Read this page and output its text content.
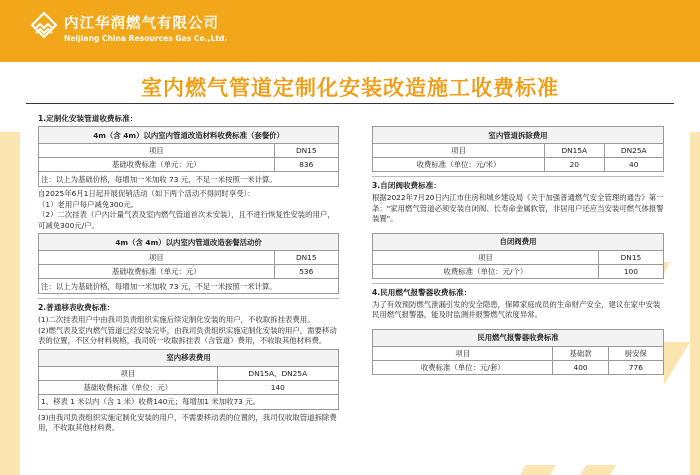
内江华润燃气有限公司
Neijiang China Resources Gas Co.,Ltd.
室内燃气管道定制化安装改造施工收费标准
1.定制化安装管道收费标准：
4m（含 4m）以内室内管道改造材料收费标准（套餐价）	
项目	DN15
基础收费标准（单元：元）	836
注：以上为基础价格，每增加一米加收 73 元，不足一米按照一米计算。	

自2025年6月1日起开展促销活动（如下两个活动不得同时享受）：

（1）老用户每户减免300元。

（2）二次挂表（户内计量气表及室内燃气管道首次未安装），且不进行恢复性安装的用户，可减免300元/户。

4m（含 4m）以内室内管道改造套餐活动价	
项目	DN15
基础收费标准（单元：元）	536
注：以上为基础价格，每增加一米加收 73 元，不足一米按照一米计算。	
2.普通移表收费标准：

(1)二次挂表用户中由我司负责组织实施后续定制化安装的用户，不收取拆挂表费用。

(2)燃气表及室内燃气管道已经安装完毕，由我司负责组织实施定制化安装的用户，需要移动表的位置，不区分材料规格，我司统一收取拆挂表（含管道）费用，不收取其他材料费。

室内移表费用	
项目	DN15A、DN25A
基础收费标准（单位：元）	140
1、移表 1 米以内（含 1 米）收费140元；每增加1 米加收73 元。	

(3)由我司负责组织实施定制化安装的用户，不需要移动表的位置的，我司仅收取管道拆除费用，不收取其他材料费。

室内管道拆除费用		
项目	DN15A	DN25A
收费标准（单位：元/米）	20	40
3.自闭阀收费标准：

根据2022年7月20日内江市住房和城乡建设局《关于加强普通燃气安全管理的通告》第一条："家用燃气管道必须安装自闭阀、长寿命金属软管，非居用户还应当安装可燃气体报警装置"。

自闭阀费用	
项目	DN15
收费标准（单位：元/个）	100
4.民用燃气报警器收费标准：

为了有效预防燃气泄漏引发的安全隐患，保障家庭成员的生命财产安全，建议在家中安装民用燃气报警器，能及时监测并报警燃气浓度异常。

民用燃气报警器收费标准		
项目	基础款	厨安保
收费标准（单位：元/套）	400	776
